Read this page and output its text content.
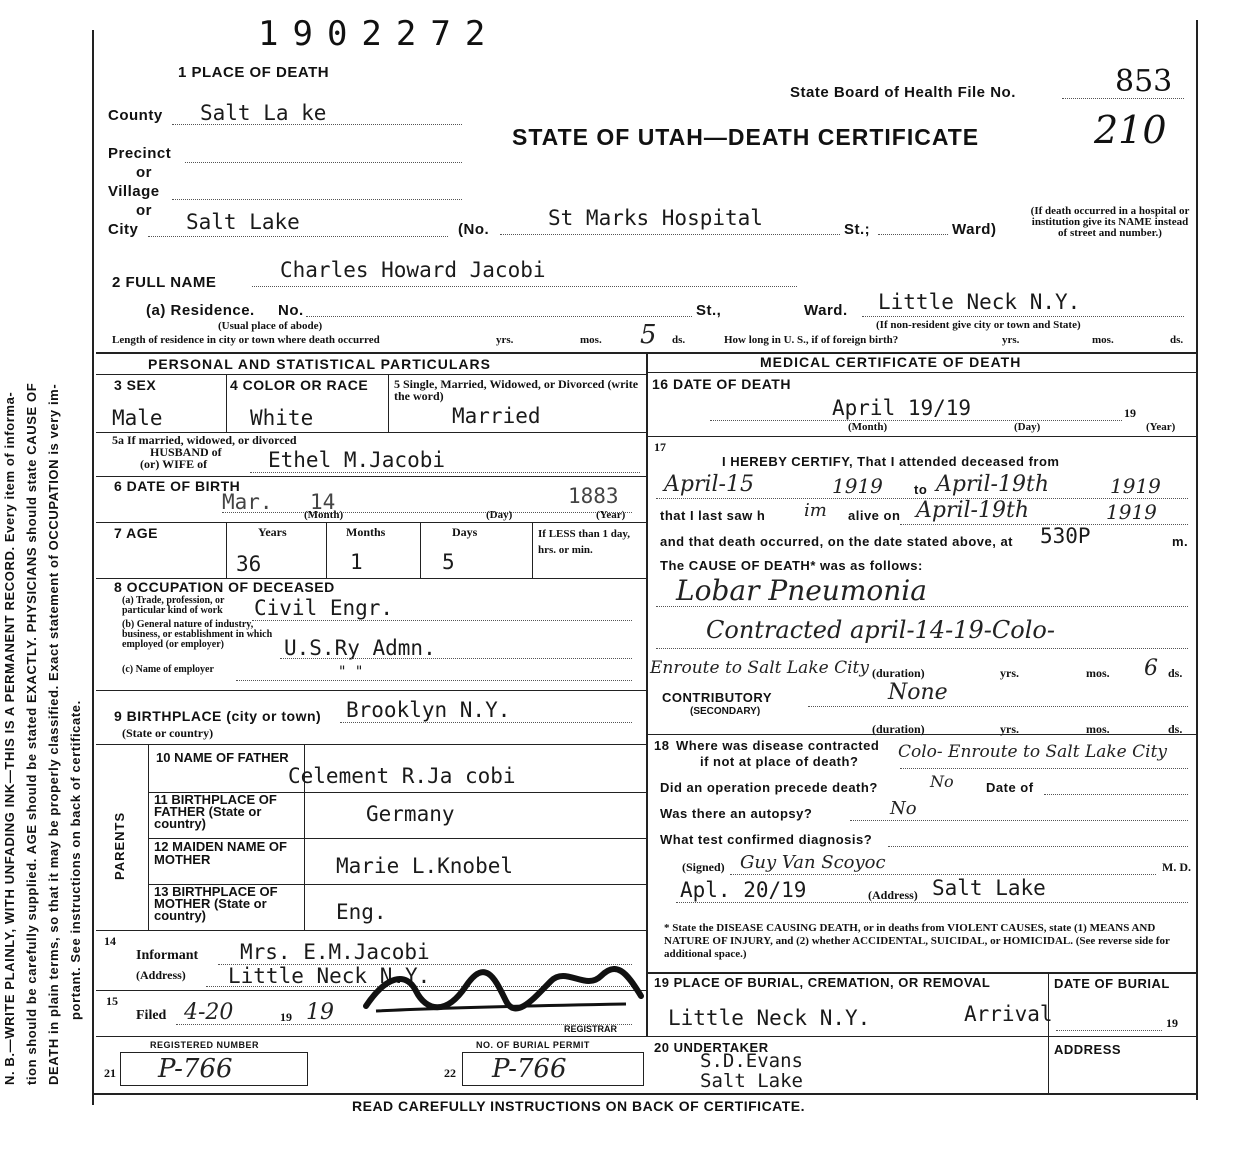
N. B.—WRITE PLAINLY, WITH UNFADING INK—THIS IS A PERMANENT RECORD. Every item of informa- tion should be carefully supplied. AGE should be stated EXACTLY. PHYSICIANS should state CAUSE OF DEATH in plain terms, so that it may be properly classified. Exact statement of OCCUPATION is very im- portant. See instructions on back of certificate.
1902272
1 PLACE OF DEATH
State Board of Health File No.	853
STATE OF UTAH—DEATH CERTIFICATE	210
County Salt La ke
Precinct
or
Village
or
City Salt Lake	(No.	St Marks Hospital	St.;	Ward)
(If death occurred in a hospital or institution give its NAME instead of street and number.)
2 FULL NAME
Charles Howard Jacobi
(a) Residence. No.	St.,	Ward. Little Neck N.Y.
(Usual place of abode)	(If non-resident give city or town and State)
Length of residence in city or town where death occurred	yrs.	mos. 5 ds.	How long in U. S., if of foreign birth?	yrs.	mos.	ds.
PERSONAL AND STATISTICAL PARTICULARS	MEDICAL CERTIFICATE OF DEATH
3 SEX
Male
4 COLOR OR RACE
White
5 Single, Married, Widowed, or Divorced (write the word)
Married
5a If married, widowed, or divorced
HUSBAND of
(or) WIFE of	Ethel M.Jacobi
6 DATE OF BIRTH
Mar. 14	1883
(Month)	(Day)	(Year)
7 AGE	Years	Months	Days
36	1	5
If LESS than 1 day, hrs. or min.
8 OCCUPATION OF DECEASED
(a) Trade, profession, or particular kind of work	Civil Engr.
(b) General nature of industry, business, or establishment in which employed (or employer)	U.S.Ry Admn.
(c) Name of employer	" "
9 BIRTHPLACE (city or town) Brooklyn N.Y.
(State or country)
PARENTS
10 NAME OF FATHER
Celement R.Ja cobi
11 BIRTHPLACE OF FATHER (State or country)	Germany
12 MAIDEN NAME OF MOTHER	Marie L.Knobel
13 BIRTHPLACE OF MOTHER (State or country)	Eng.
14
Informant Mrs. E.M.Jacobi
(Address) Little Neck N.Y.
15
Filed 4-20	19 19
REGISTRAR
REGISTERED NUMBER
21 P-766
NO. OF BURIAL PERMIT
22 P-766
16 DATE OF DEATH
April 19/19	19
(Month)	(Day)	(Year)
17
I HEREBY CERTIFY, That I attended deceased from
April-15	1919 to April-19th	1919
that I last saw h im alive on April-19th	1919
and that death occurred, on the date stated above, at 530P	m.
The CAUSE OF DEATH* was as follows:
Lobar Pneumonia
Contracted april-14-19-Colo-
Enroute to Salt Lake City (duration)	yrs.	mos. 6 ds.
CONTRIBUTORY
(SECONDARY)
None
(duration)	yrs.	mos.	ds.
18 Where was disease contracted
if not at place of death? Colo- Enroute to Salt Lake City
Did an operation precede death?	No Date of
Was there an autopsy?	No
What test confirmed diagnosis?
(Signed) Guy Van Scoyoc	M. D.
Apl. 20/19	(Address) Salt Lake
* State the DISEASE CAUSING DEATH, or in deaths from VIOLENT CAUSES, state (1) MEANS AND NATURE OF INJURY, and (2) whether ACCIDENTAL, SUICIDAL, or HOMICIDAL. (See reverse side for additional space.)
19 PLACE OF BURIAL, CREMATION, OR REMOVAL
Little Neck N.Y.	Arrival
DATE OF BURIAL
19
20 UNDERTAKER
S.D.Evans
Salt Lake
ADDRESS
READ CAREFULLY INSTRUCTIONS ON BACK OF CERTIFICATE.
